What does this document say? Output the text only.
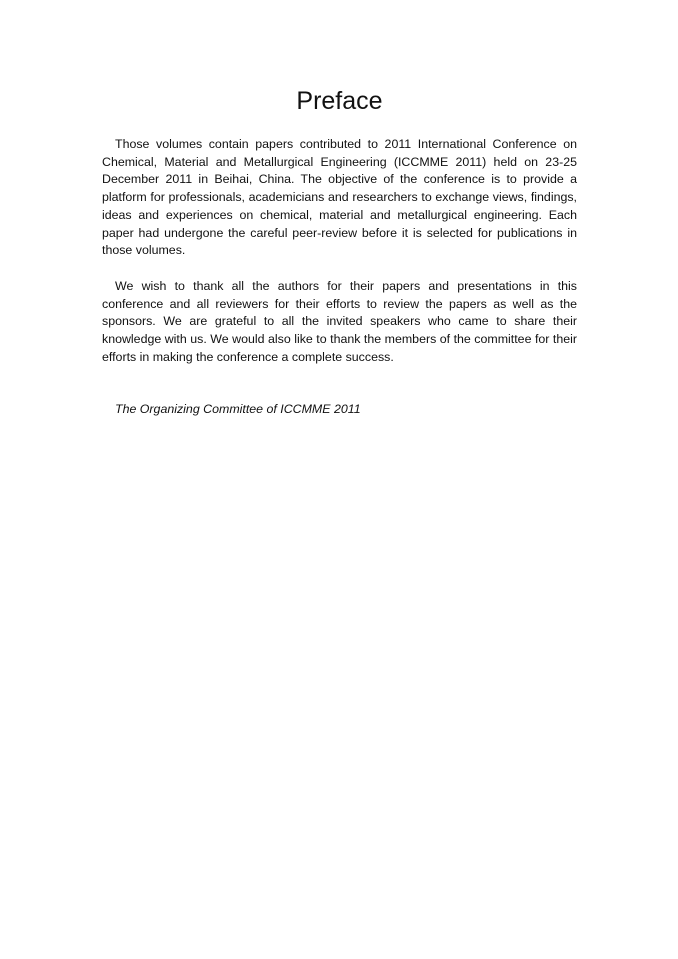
Preface

Those volumes contain papers contributed to 2011 International Conference on Chemical, Material and Metallurgical Engineering (ICCMME 2011) held on 23-25 December 2011 in Beihai, China. The objective of the conference is to provide a platform for professionals, academicians and researchers to exchange views, findings, ideas and experiences on chemical, material and metallurgical engineering. Each paper had undergone the careful peer-review before it is selected for publications in those volumes.

We wish to thank all the authors for their papers and presentations in this conference and all reviewers for their efforts to review the papers as well as the sponsors. We are grateful to all the invited speakers who came to share their knowledge with us. We would also like to thank the members of the committee for their efforts in making the conference a complete success.

The Organizing Committee of ICCMME 2011
